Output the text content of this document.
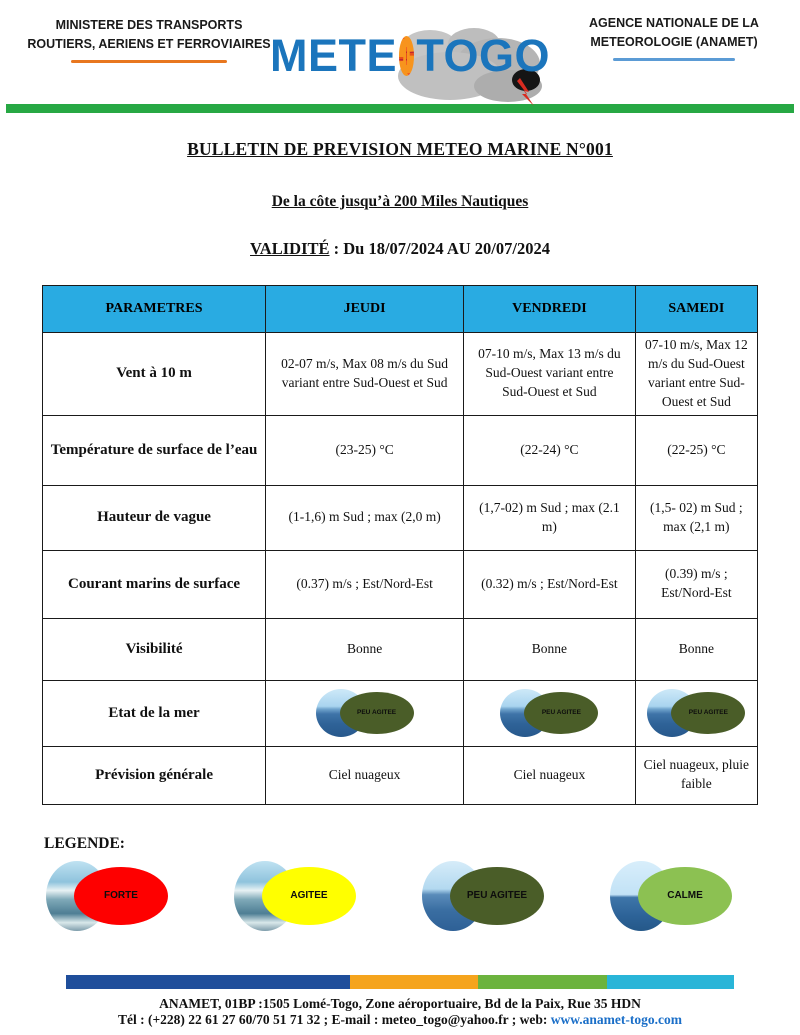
MINISTERE DES TRANSPORTS
ROUTIERS, AERIENS ET FERROVIAIRES METE TOGO
AGENCE NATIONALE DE LA
METEOROLOGIE (ANAMET)
BULLETIN DE PREVISION METEO MARINE N°001
De la côte jusqu’à 200 Miles Nautiques
VALIDITÉ : Du 18/07/2024 AU 20/07/2024
PARAMETRES	JEUDI	VENDREDI	SAMEDI
Vent à 10 m	02-07 m/s, Max 08 m/s du Sud variant entre Sud-Ouest et Sud	07-10 m/s, Max 13 m/s du Sud-Ouest variant entre Sud-Ouest et Sud	07-10 m/s, Max 12 m/s du Sud-Ouest variant entre Sud-Ouest et Sud
Température de surface de l’eau	(23-25) °C	(22-24) °C	(22-25) °C
Hauteur de vague	(1-1,6) m Sud ; max (2,0 m)	(1,7-02) m Sud ; max (2.1 m)	(1,5- 02) m Sud ; max (2,1 m)
Courant marins de surface	(0.37) m/s ; Est/Nord-Est	(0.32) m/s ; Est/Nord-Est	(0.39) m/s ; Est/Nord-Est
Visibilité	Bonne	Bonne	Bonne
Etat de la mer	PEU AGITEE	PEU AGITEE	PEU AGITEE

Prévision générale	Ciel nuageux	Ciel nuageux	Ciel nuageux, pluie faible
LEGENDE:
FORTE	AGITEE	PEU AGITEE	CALME
ANAMET, 01BP :1505 Lomé-Togo, Zone aéroportuaire, Bd de la Paix, Rue 35 HDN
Tél : (+228) 22 61 27 60/70 51 71 32 ; E-mail : meteo_togo@yahoo.fr ; web: www.anamet-togo.com
